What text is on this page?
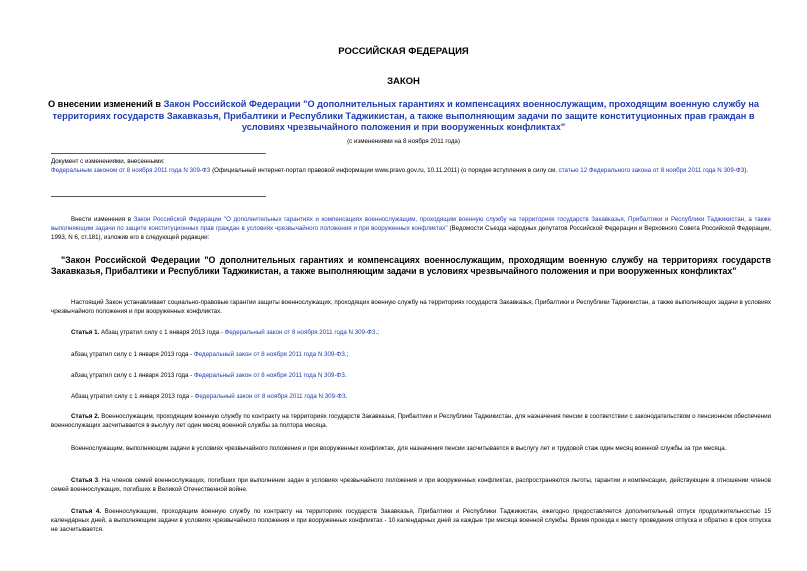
РОССИЙСКАЯ ФЕДЕРАЦИЯ
ЗАКОН
О внесении изменений в Закон Российской Федерации "О дополнительных гарантиях и компенсациях военнослужащим, проходящим военную службу на территориях государств Закавказья, Прибалтики и Республики Таджикистан, а также выполняющим задачи по защите конституционных прав граждан в условиях чрезвычайного положения и при вооруженных конфликтах"
(с изменениями на 8 ноября 2011 года)
Документ с изменениями, внесенными:
Федеральным законом от 8 ноября 2011 года N 309-ФЗ (Официальный интернет-портал правовой информации www.pravo.gov.ru, 10.11.2011) (о порядке вступления в силу см. статью 12 Федерального закона от 8 ноября 2011 года N 309-ФЗ).
Внести изменения в Закон Российской Федерации "О дополнительных гарантиях и компенсациях военнослужащим, проходящим военную службу на территориях государств Закавказья, Прибалтики и Республики Таджикистан, а также выполняющим задачи по защите конституционных прав граждан в условиях чрезвычайного положения и при вооруженных конфликтах" (Ведомости Съезда народных депутатов Российской Федерации и Верховного Совета Российской Федерации, 1993, N 6, ст.181), изложив его в следующей редакции:
"Закон Российской Федерации "О дополнительных гарантиях и компенсациях военнослужащим, проходящим военную службу на территориях государств Закавказья, Прибалтики и Республики Таджикистан, а также выполняющим задачи в условиях чрезвычайного положения и при вооруженных конфликтах"
Настоящий Закон устанавливает социально-правовые гарантии защиты военнослужащих, проходящих военную службу на территориях государств Закавказья, Прибалтики и Республики Таджикистан, а также выполняющих задачи в условиях чрезвычайного положения и при вооруженных конфликтах.
Статья 1. Абзац утратил силу с 1 января 2013 года - Федеральный закон от 8 ноября 2011 года N 309-ФЗ.;
абзац утратил силу с 1 января 2013 года - Федеральный закон от 8 ноября 2011 года N 309-ФЗ.;
абзац утратил силу с 1 января 2013 года - Федеральный закон от 8 ноября 2011 года N 309-ФЗ.
Абзац утратил силу с 1 января 2013 года - Федеральный закон от 8 ноября 2011 года N 309-ФЗ.
Статья 2. Военнослужащим, проходящим военную службу по контракту на территориях государств Закавказья, Прибалтики и Республики Таджикистан, для назначения пенсии в соответствии с законодательством о пенсионном обеспечении военнослужащих засчитывается в выслугу лет один месяц военной службы за полтора месяца.
Военнослужащим, выполняющим задачи в условиях чрезвычайного положения и при вооруженных конфликтах, для назначения пенсии засчитывается в выслугу лет и трудовой стаж один месяц военной службы за три месяца.
Статья 3. На членов семей военнослужащих, погибших при выполнении задач в условиях чрезвычайного положения и при вооруженных конфликтах, распространяются льготы, гарантии и компенсации, действующие в отношении членов семей военнослужащих, погибших в Великой Отечественной войне.
Статья 4. Военнослужащим, проходящим военную службу по контракту на территориях государств Закавказья, Прибалтики и Республики Таджикистан, ежегодно предоставляется дополнительный отпуск продолжительностью 15 календарных дней, а выполняющим задачи в условиях чрезвычайного положения и при вооруженных конфликтах - 10 календарных дней за каждые три месяца военной службы. Время проезда к месту проведения отпуска и обратно в срок отпуска не засчитывается.
